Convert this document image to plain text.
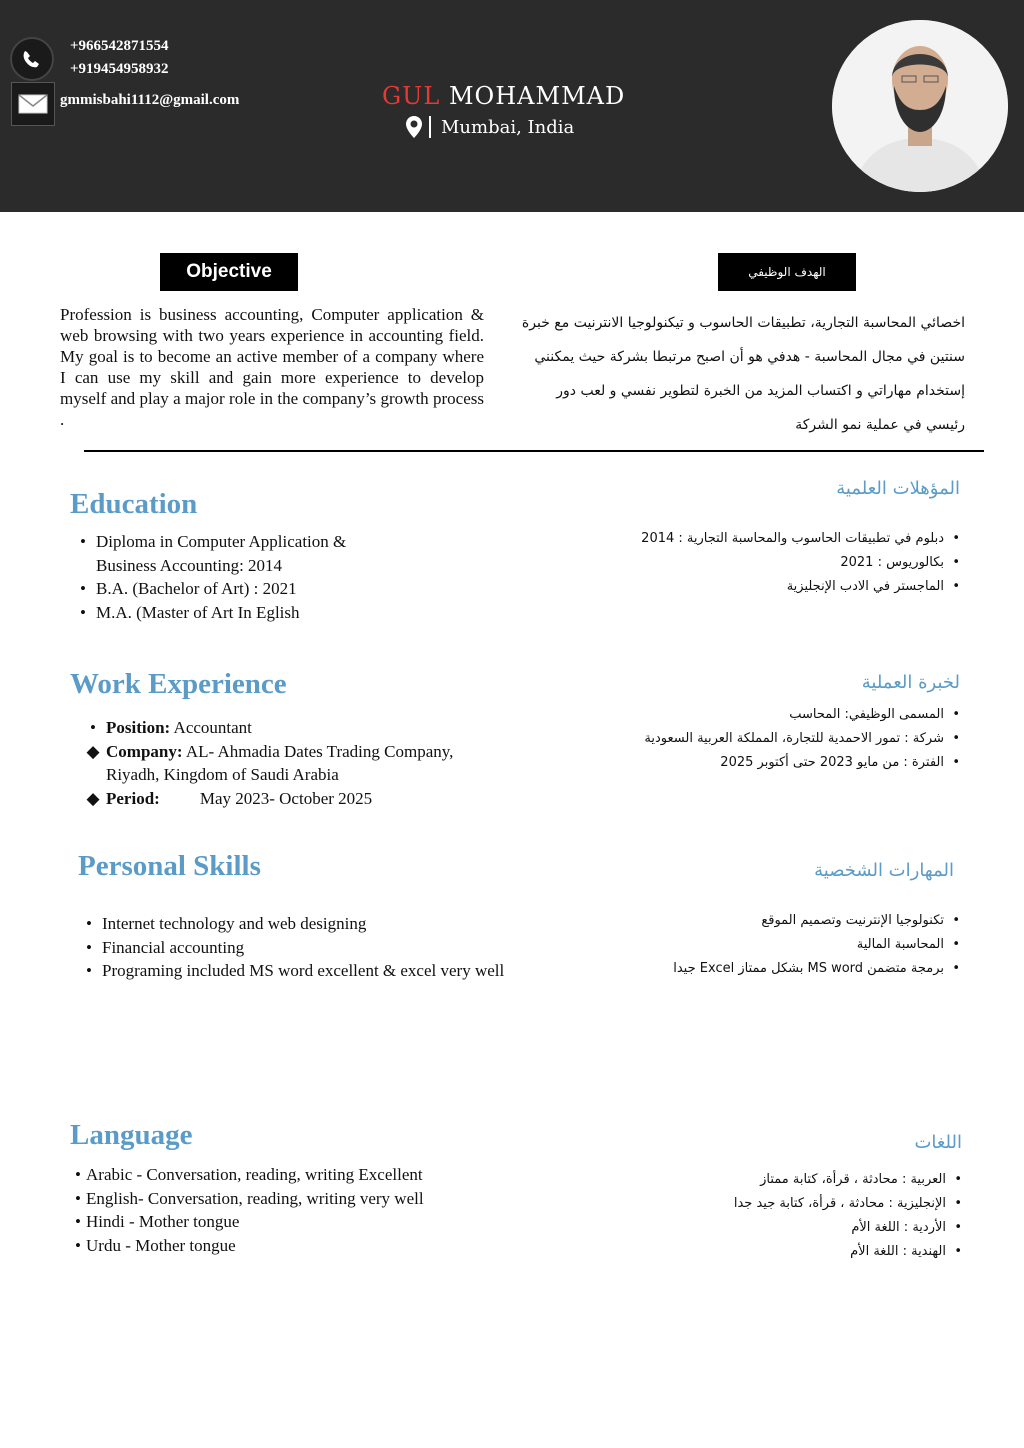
+966542871554
+919454958932
gmmisbahi1112@gmail.com	GUL MOHAMMAD
Mumbai, India
Objective	الهدف الوظيفي
Profession is business accounting, Computer application & web browsing with two years experience in accounting field. My goal is to become an active member of a company where I can use my skill and gain more experience to develop myself and play a major role in the company’s growth process .
اخصائي المحاسبة التجارية، تطبيقات الحاسوب و تيكنولوجيا الانترنيت مع خبرة سنتين في مجال المحاسبة - هدفي هو أن اصبح مرتبطا بشركة حيث يمكنني إستخدام مهاراتي و اكتساب المزيد من الخبرة لتطوير نفسي و لعب دور رئيسي في عملية نمو الشركة
Education	المؤهلات العلمية
• Diploma in Computer Application & Business Accounting: 2014
• B.A. (Bachelor of Art) : 2021
• M.A. (Master of Art In Eglish
•
دبلوم في تطبيقات الحاسوب والمحاسبة التجارية : 2014
•
بكالوريوس : 2021
•
الماجستر في الادب الإنجليزية
Work Experience	لخبرة العملية
• Position: Accountant
◆ Company: AL- Ahmadia Dates Trading Company, Riyadh, Kingdom of Saudi Arabia
◆ Period: May 2023- October 2025
•
المسمى الوظيفي: المحاسب
•
شركة : تمور الاحمدية للتجارة، المملكة العربية السعودية
•
الفترة : من مايو 2023 حتى أكتوبر 2025
Personal Skills	المهارات الشخصية
• Internet technology and web designing
• Financial accounting
• Programing included MS word excellent & excel very well
•
تكنولوجيا الإنترنيت وتصميم الموقع
•
المحاسبة المالية
•
برمجة متضمن MS word بشكل ممتاز Excel جيدا
Language	اللغات
• Arabic - Conversation, reading, writing Excellent
• English- Conversation, reading, writing very well
• Hindi - Mother tongue
• Urdu - Mother tongue
•
العربية : محادثة ، قرأة، كتابة ممتاز
•
الإنجليزية : محادثة ، قرأة، كتابة جيد جدا
•
الأردية : اللغة الأم
•
الهندية : اللغة الأم
